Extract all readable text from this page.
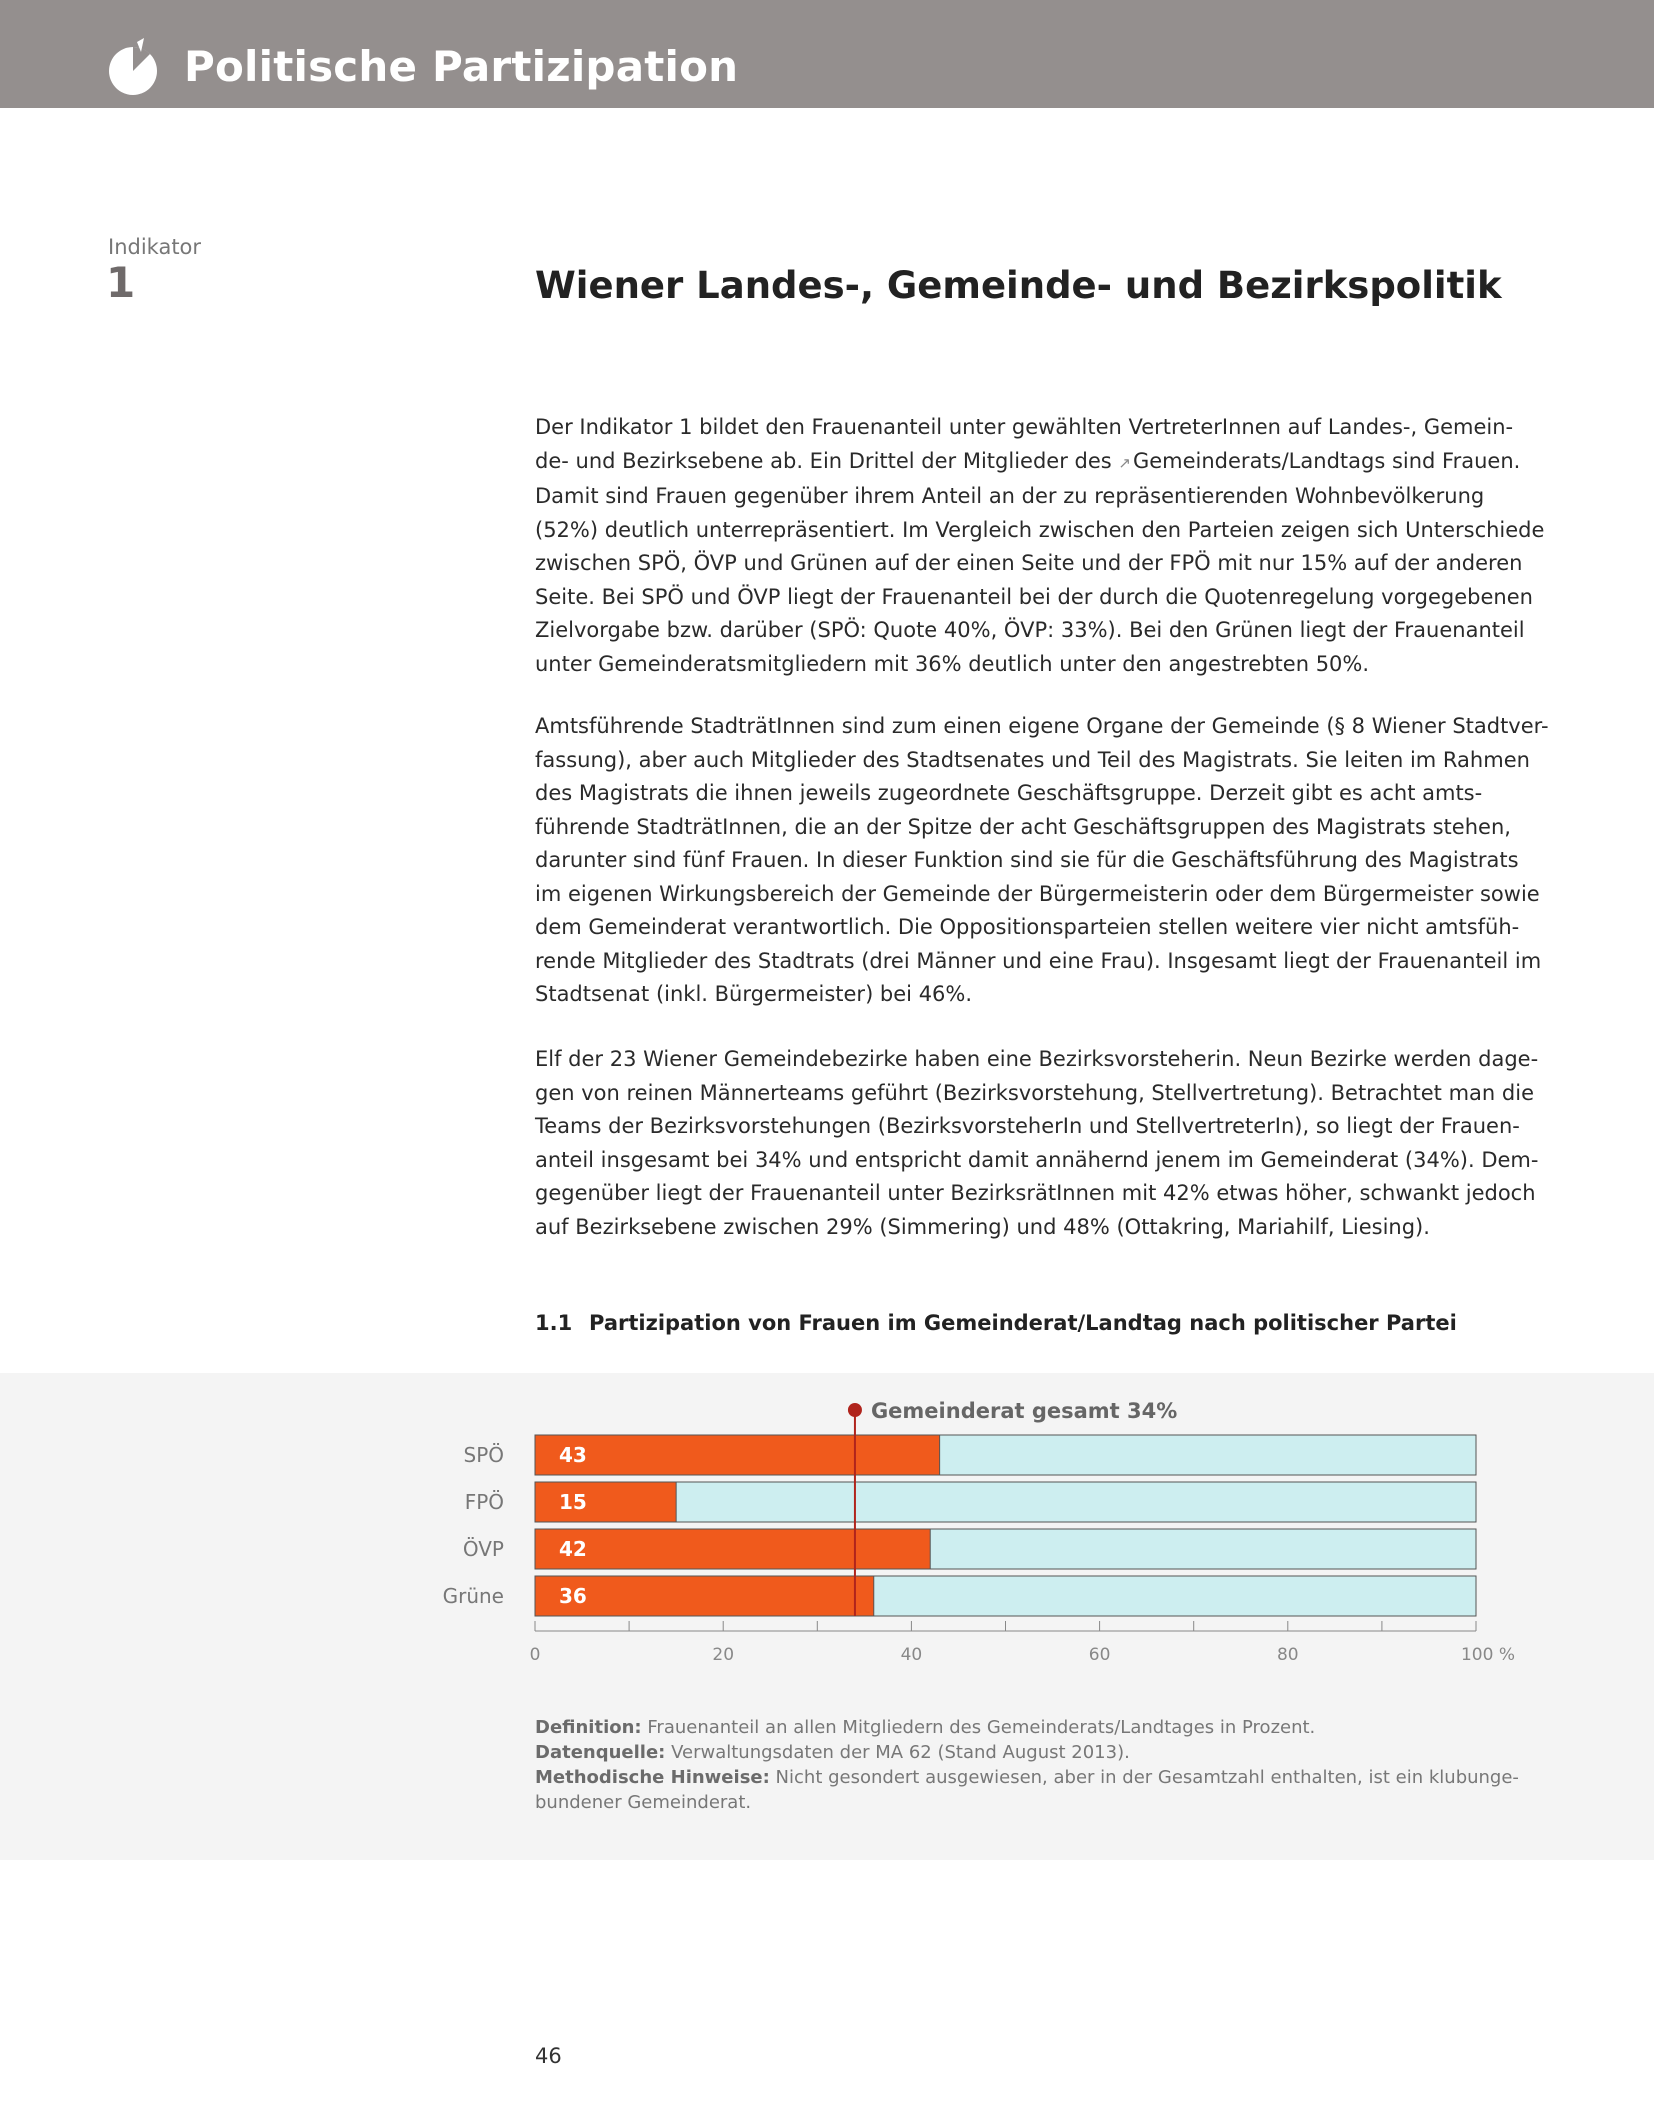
Politische Partizipation
Indikator
1	Wiener Landes-, Gemeinde- und Bezirkspolitik
Der Indikator 1 bildet den Frauenanteil unter gewählten VertreterInnen auf Landes-, Gemein-
de- und Bezirksebene ab. Ein Drittel der Mitglieder des ↗Gemeinderats/Landtags sind Frauen.
Damit sind Frauen gegenüber ihrem Anteil an der zu repräsentierenden Wohnbevölkerung
(52%) deutlich unterrepräsentiert. Im Vergleich zwischen den Parteien zeigen sich Unterschiede
zwischen SPÖ, ÖVP und Grünen auf der einen Seite und der FPÖ mit nur 15% auf der anderen
Seite. Bei SPÖ und ÖVP liegt der Frauenanteil bei der durch die Quotenregelung vorgegebenen
Zielvorgabe bzw. darüber (SPÖ: Quote 40%, ÖVP: 33%). Bei den Grünen liegt der Frauenanteil
unter Gemeinderatsmitgliedern mit 36% deutlich unter den angestrebten 50%.
Amtsführende StadträtInnen sind zum einen eigene Organe der Gemeinde (§ 8 Wiener Stadtver-
fassung), aber auch Mitglieder des Stadtsenates und Teil des Magistrats. Sie leiten im Rahmen
des Magistrats die ihnen jeweils zugeordnete Geschäftsgruppe. Derzeit gibt es acht amts-
führende StadträtInnen, die an der Spitze der acht Geschäftsgruppen des Magistrats stehen,
darunter sind fünf Frauen. In dieser Funktion sind sie für die Geschäftsführung des Magistrats
im eigenen Wirkungsbereich der Gemeinde der Bürgermeisterin oder dem Bürgermeister sowie
dem Gemeinderat verantwortlich. Die Oppositionsparteien stellen weitere vier nicht amtsfüh-
rende Mitglieder des Stadtrats (drei Männer und eine Frau). Insgesamt liegt der Frauenanteil im
Stadtsenat (inkl. Bürgermeister) bei 46%.
Elf der 23 Wiener Gemeindebezirke haben eine Bezirksvorsteherin. Neun Bezirke werden dage-
gen von reinen Männerteams geführt (Bezirksvorstehung, Stellvertretung). Betrachtet man die
Teams der Bezirksvorstehungen (BezirksvorsteherIn und StellvertreterIn), so liegt der Frauen-
anteil insgesamt bei 34% und entspricht damit annähernd jenem im Gemeinderat (34%). Dem-
gegenüber liegt der Frauenanteil unter BezirksrätInnen mit 42% etwas höher, schwankt jedoch
auf Bezirksebene zwischen 29% (Simmering) und 48% (Ottakring, Mariahilf, Liesing).
1.1 Partizipation von Frauen im Gemeinderat/Landtag nach politischer Partei
43
SPÖ
15
FPÖ
42
ÖVP
36
Grüne
0	20	40	60	80	100 %
Gemeinderat gesamt 34%
Definition: Frauenanteil an allen Mitgliedern des Gemeinderats/Landtages in Prozent.
Datenquelle: Verwaltungsdaten der MA 62 (Stand August 2013).
Methodische Hinweise: Nicht gesondert ausgewiesen, aber in der Gesamtzahl enthalten, ist ein klubunge-
bundener Gemeinderat.
46
